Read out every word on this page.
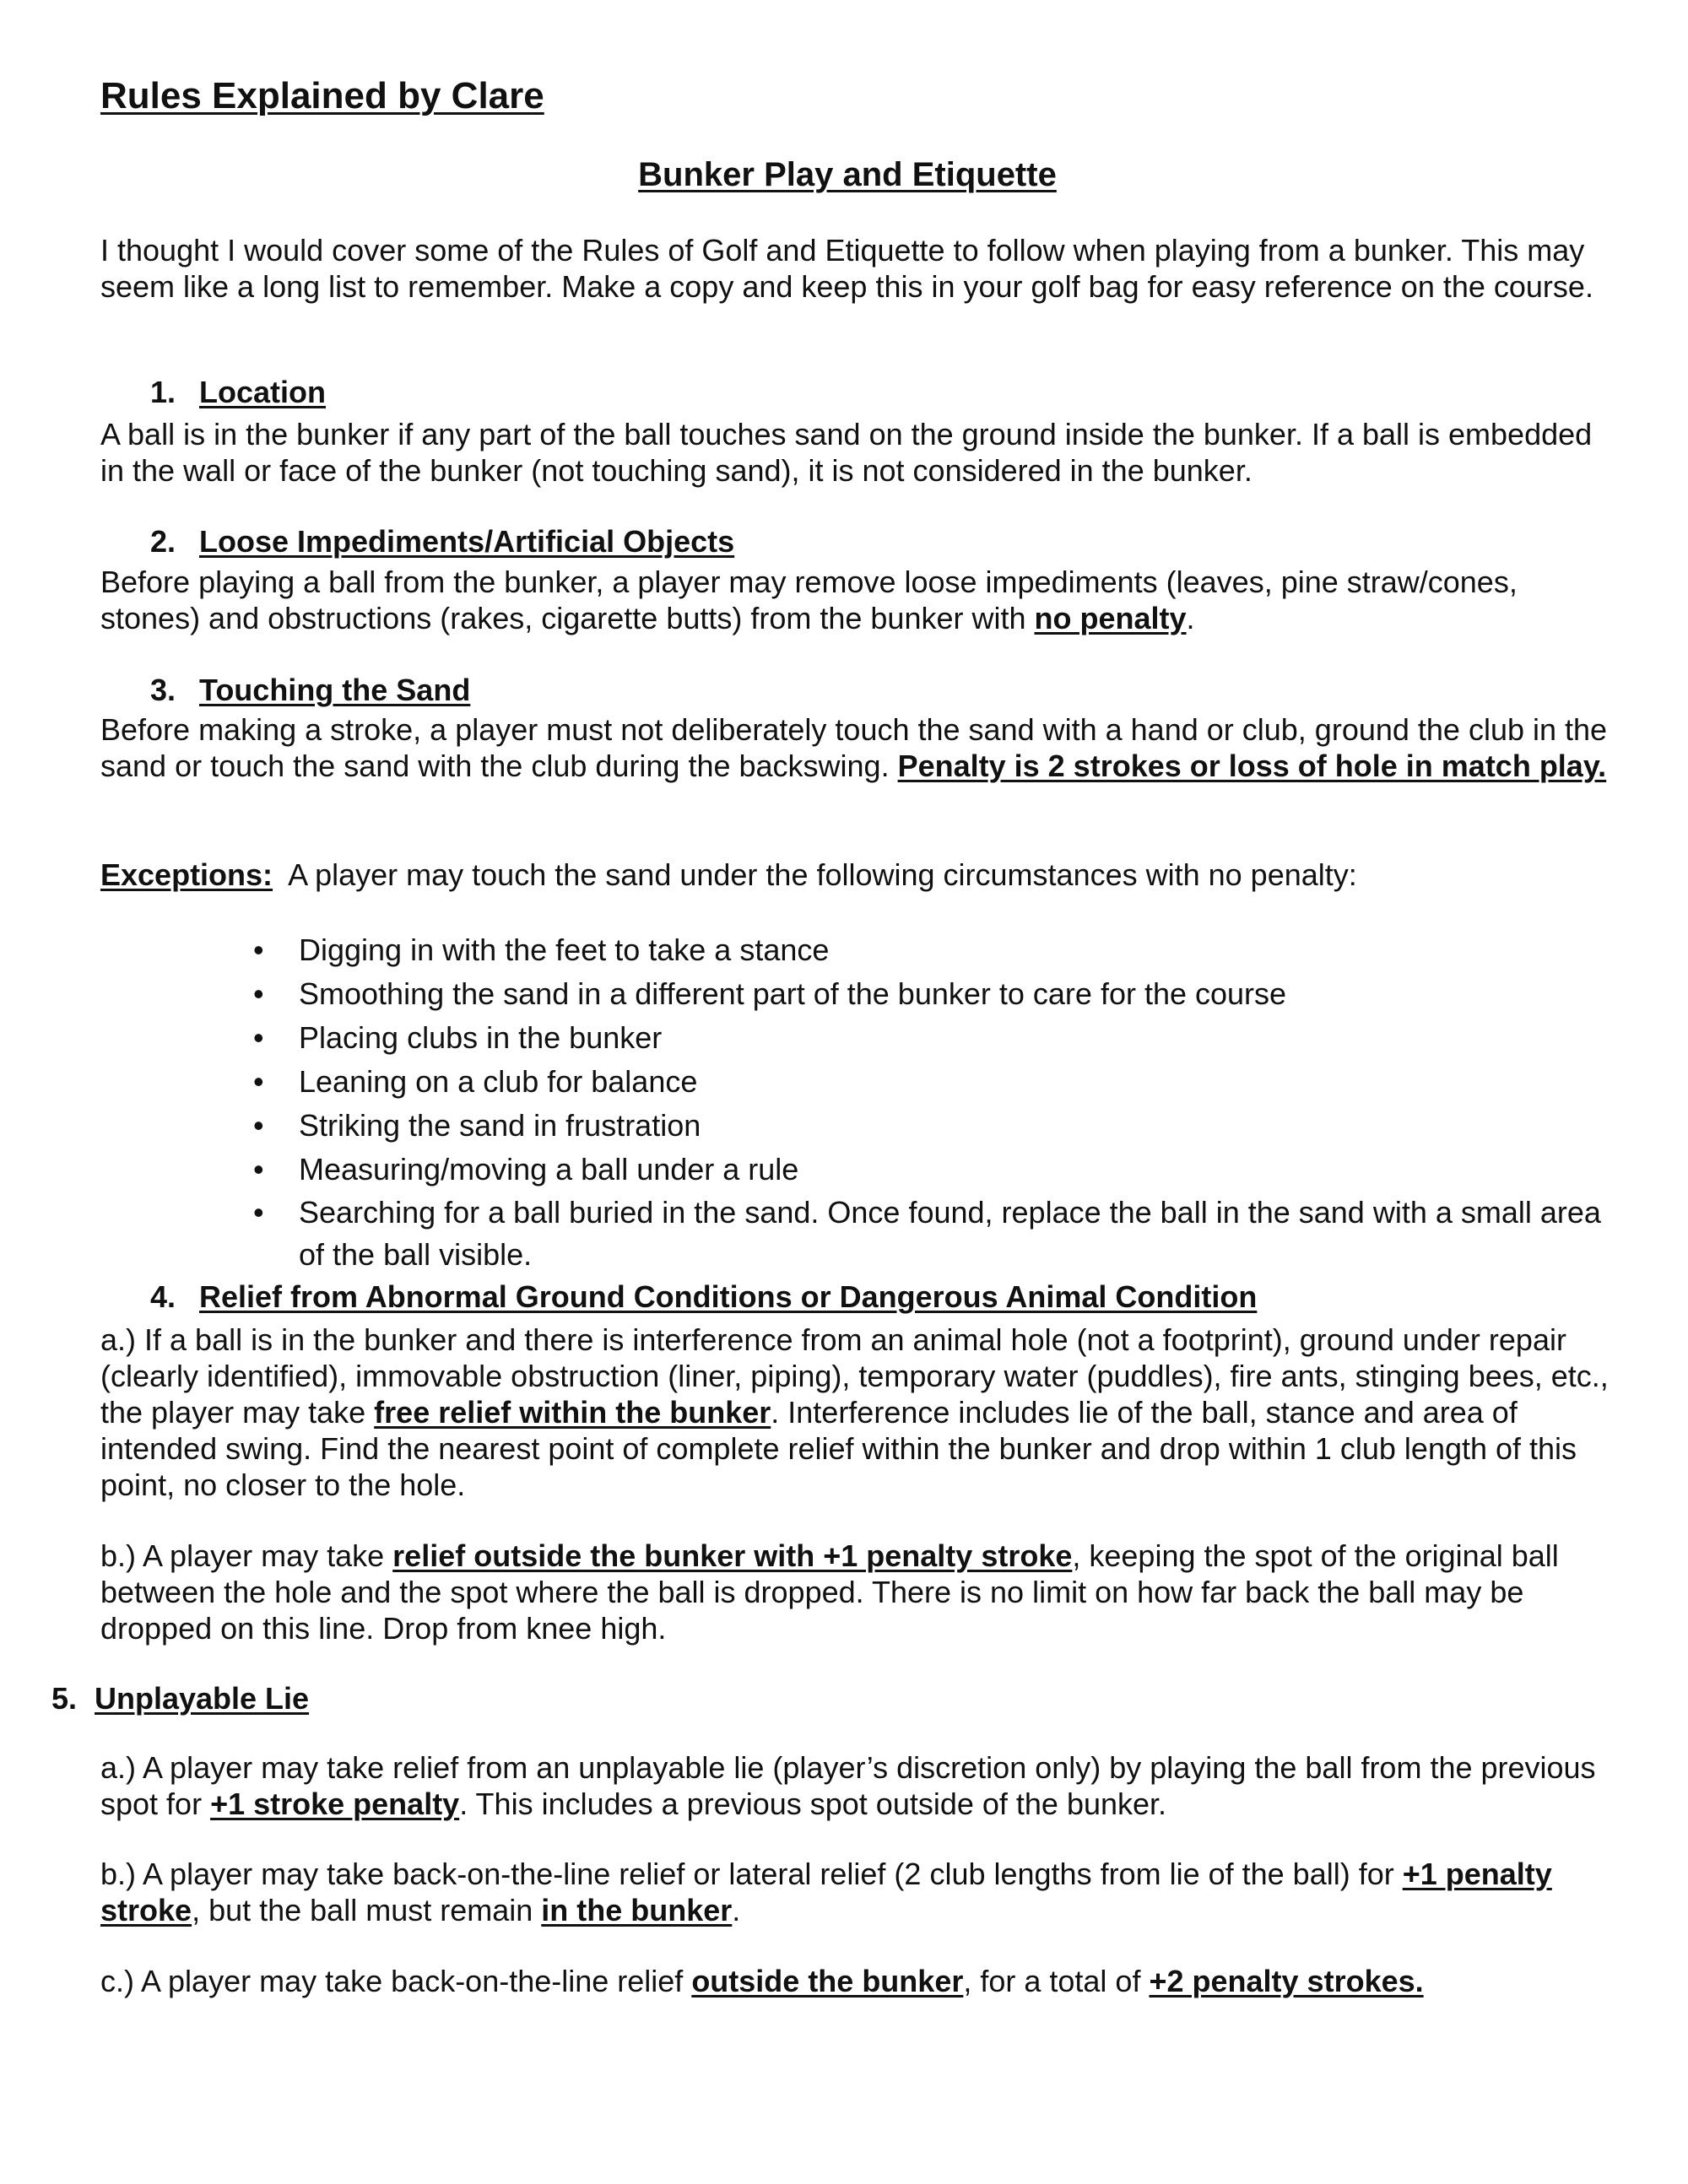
Rules Explained by Clare
Bunker Play and Etiquette

I thought I would cover some of the Rules of Golf and Etiquette to follow when playing from a bunker. This may seem like a long list to remember. Make a copy and keep this in your golf bag for easy reference on the course.

1. Location

A ball is in the bunker if any part of the ball touches sand on the ground inside the bunker. If a ball is embedded in the wall or face of the bunker (not touching sand), it is not considered in the bunker.

2. Loose Impediments/Artificial Objects

Before playing a ball from the bunker, a player may remove loose impediments (leaves, pine straw/cones, stones) and obstructions (rakes, cigarette butts) from the bunker with no penalty.

3. Touching the Sand

Before making a stroke, a player must not deliberately touch the sand with a hand or club, ground the club in the sand or touch the sand with the club during the backswing. Penalty is 2 strokes or loss of hole in match play.

Exceptions:  A player may touch the sand under the following circumstances with no penalty:

• Digging in with the feet to take a stance
• Smoothing the sand in a different part of the bunker to care for the course
• Placing clubs in the bunker
• Leaning on a club for balance
• Striking the sand in frustration
• Measuring/moving a ball under a rule
• Searching for a ball buried in the sand. Once found, replace the ball in the sand with a small area of the ball visible.
4. Relief from Abnormal Ground Conditions or Dangerous Animal Condition

a.) If a ball is in the bunker and there is interference from an animal hole (not a footprint), ground under repair (clearly identified), immovable obstruction (liner, piping), temporary water (puddles), fire ants, stinging bees, etc., the player may take free relief within the bunker. Interference includes lie of the ball, stance and area of intended swing. Find the nearest point of complete relief within the bunker and drop within 1 club length of this point, no closer to the hole.

b.) A player may take relief outside the bunker with +1 penalty stroke, keeping the spot of the original ball between the hole and the spot where the ball is dropped. There is no limit on how far back the ball may be dropped on this line. Drop from knee high.

5. Unplayable Lie

a.) A player may take relief from an unplayable lie (player’s discretion only) by playing the ball from the previous spot for +1 stroke penalty. This includes a previous spot outside of the bunker.

b.) A player may take back-on-the-line relief or lateral relief (2 club lengths from lie of the ball) for +1 penalty stroke, but the ball must remain in the bunker.

c.) A player may take back-on-the-line relief outside the bunker, for a total of +2 penalty strokes.
